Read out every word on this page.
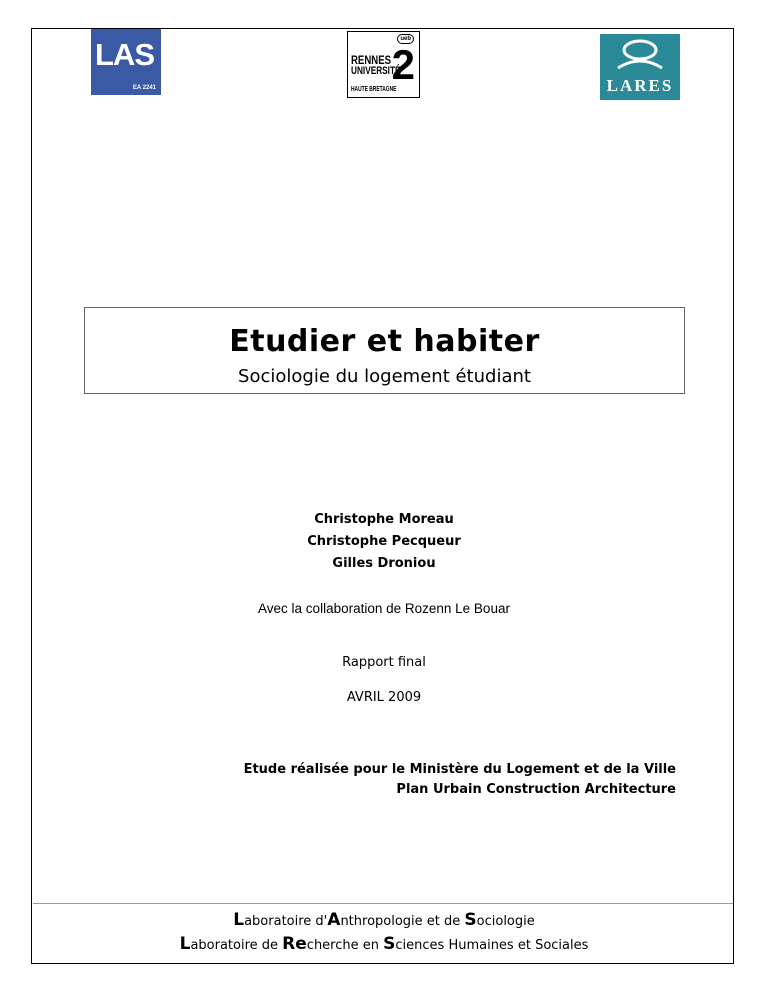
LAS
EA 2241
ueb
RENNES
UNIVERSITÉ
HAUTE BRETAGNE
2	LARES
Etudier et habiter
Sociologie du logement étudiant
Christophe Moreau
Christophe Pecqueur
Gilles Droniou
Avec la collaboration de Rozenn Le Bouar
Rapport final
AVRIL 2009
Etude réalisée pour le Ministère du Logement et de la Ville
Plan Urbain Construction Architecture
Laboratoire d'Anthropologie et de Sociologie
Laboratoire de Recherche en Sciences Humaines et Sociales
